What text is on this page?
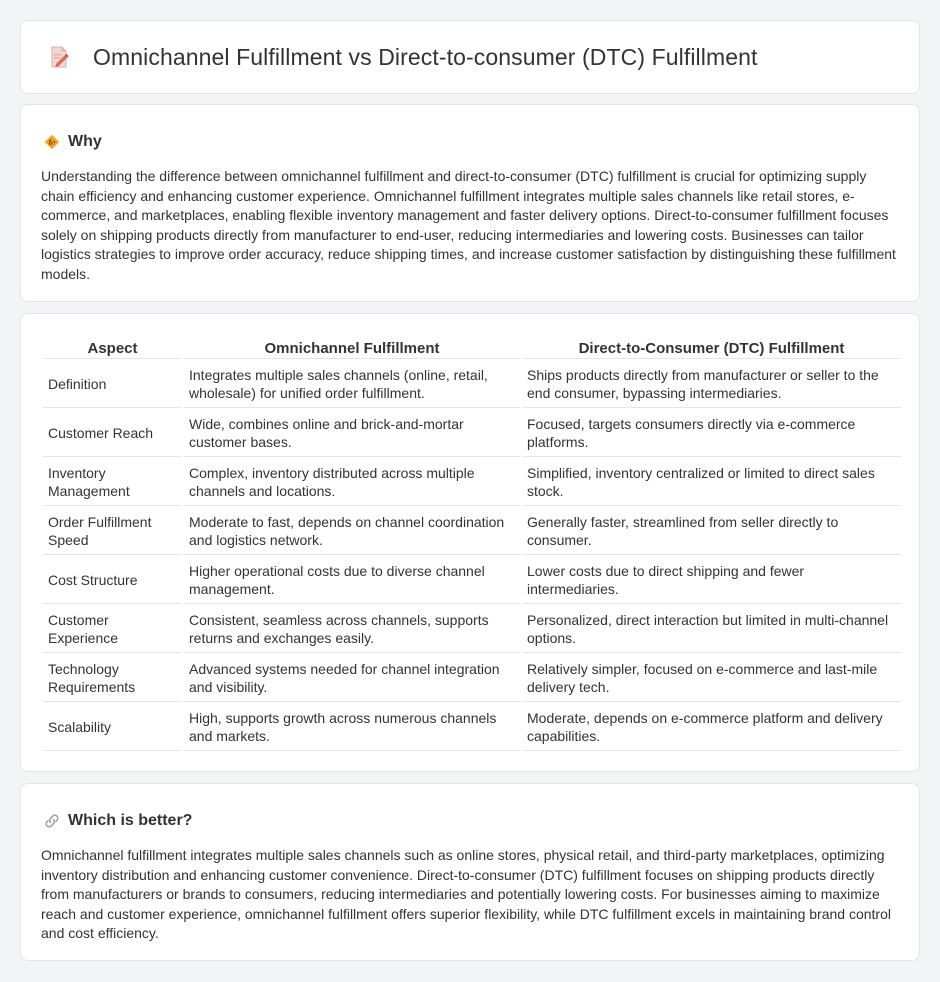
Omnichannel Fulfillment vs Direct-to-consumer (DTC) Fulfillment
Why

Understanding the difference between omnichannel fulfillment and direct-to-consumer (DTC) fulfillment is crucial for optimizing supply chain efficiency and enhancing customer experience. Omnichannel fulfillment integrates multiple sales channels like retail stores, e-commerce, and marketplaces, enabling flexible inventory management and faster delivery options. Direct-to-consumer fulfillment focuses solely on shipping products directly from manufacturer to end-user, reducing intermediaries and lowering costs. Businesses can tailor logistics strategies to improve order accuracy, reduce shipping times, and increase customer satisfaction by distinguishing these fulfillment models.

Aspect	Omnichannel Fulfillment	Direct-to-Consumer (DTC) Fulfillment
Definition	Integrates multiple sales channels (online, retail, wholesale) for unified order fulfillment.	Ships products directly from manufacturer or seller to the end consumer, bypassing intermediaries.
Customer Reach	Wide, combines online and brick-and-mortar customer bases.	Focused, targets consumers directly via e-commerce platforms.
Inventory Management	Complex, inventory distributed across multiple channels and locations.	Simplified, inventory centralized or limited to direct sales stock.
Order Fulfillment Speed	Moderate to fast, depends on channel coordination and logistics network.	Generally faster, streamlined from seller directly to consumer.
Cost Structure	Higher operational costs due to diverse channel management.	Lower costs due to direct shipping and fewer intermediaries.
Customer Experience	Consistent, seamless across channels, supports returns and exchanges easily.	Personalized, direct interaction but limited in multi-channel options.
Technology Requirements	Advanced systems needed for channel integration and visibility.	Relatively simpler, focused on e-commerce and last-mile delivery tech.
Scalability	High, supports growth across numerous channels and markets.	Moderate, depends on e-commerce platform and delivery capabilities.
Which is better?

Omnichannel fulfillment integrates multiple sales channels such as online stores, physical retail, and third-party marketplaces, optimizing inventory distribution and enhancing customer convenience. Direct-to-consumer (DTC) fulfillment focuses on shipping products directly from manufacturers or brands to consumers, reducing intermediaries and potentially lowering costs. For businesses aiming to maximize reach and customer experience, omnichannel fulfillment offers superior flexibility, while DTC fulfillment excels in maintaining brand control and cost efficiency.
